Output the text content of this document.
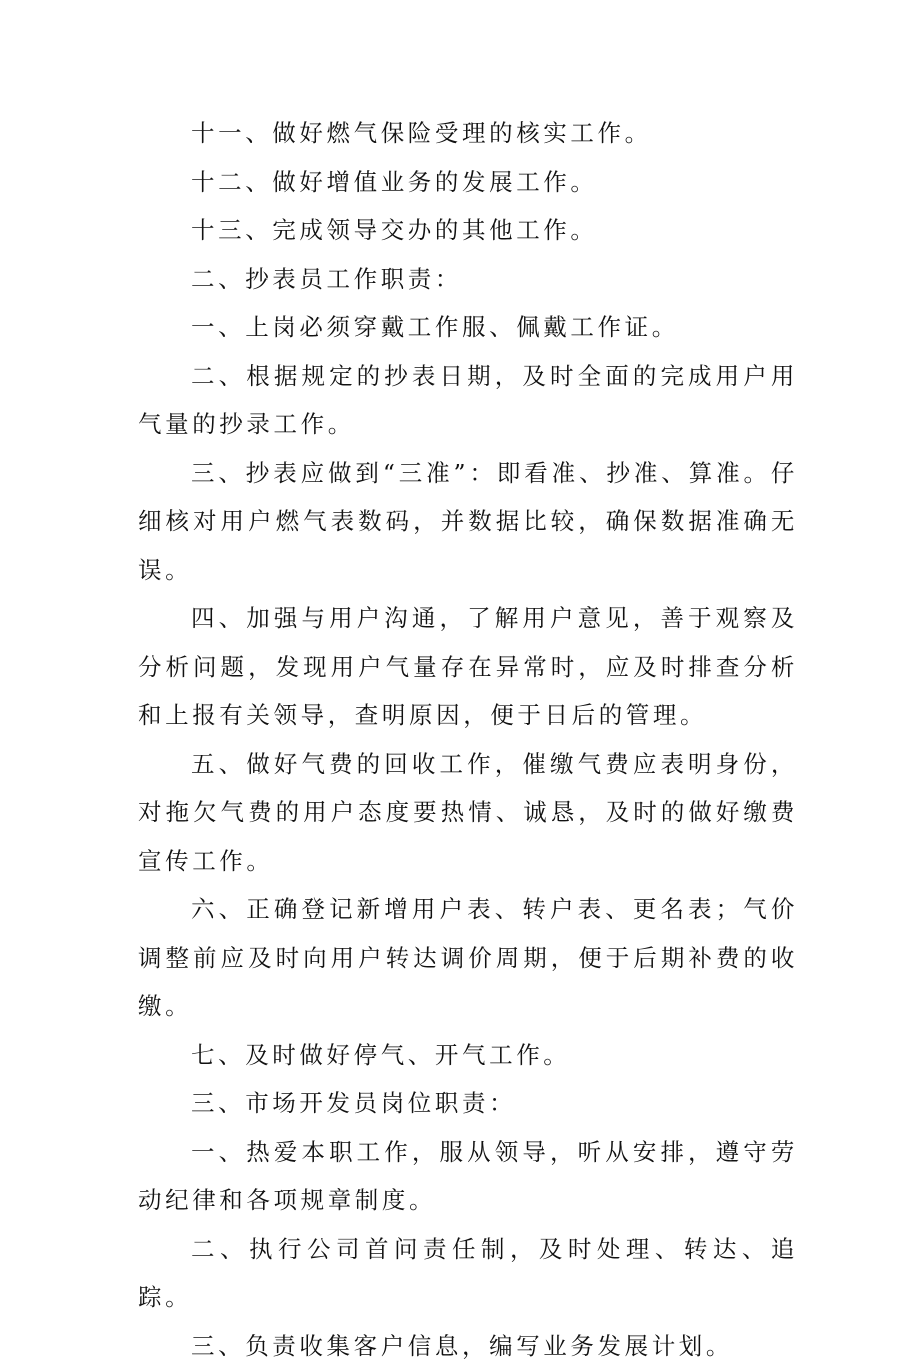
十一、做好燃气保险受理的核实工作。

十二、做好增值业务的发展工作。

十三、完成领导交办的其他工作。

二、抄表员工作职责：

一、上岗必须穿戴工作服、佩戴工作证。

二、根据规定的抄表日期，及时全面的完成用户用气量的抄录工作。

三、抄表应做到“三准”：即看准、抄准、算准。仔细核对用户燃气表数码，并数据比较，确保数据准确无误。

四、加强与用户沟通，了解用户意见，善于观察及分析问题，发现用户气量存在异常时，应及时排查分析和上报有关领导，查明原因，便于日后的管理。

五、做好气费的回收工作，催缴气费应表明身份，对拖欠气费的用户态度要热情、诚恳，及时的做好缴费宣传工作。

六、正确登记新增用户表、转户表、更名表；气价调整前应及时向用户转达调价周期，便于后期补费的收缴。

七、及时做好停气、开气工作。

三、市场开发员岗位职责：

一、热爱本职工作，服从领导，听从安排，遵守劳动纪律和各项规章制度。

二、执行公司首问责任制，及时处理、转达、追踪。

三、负责收集客户信息，编写业务发展计划。
